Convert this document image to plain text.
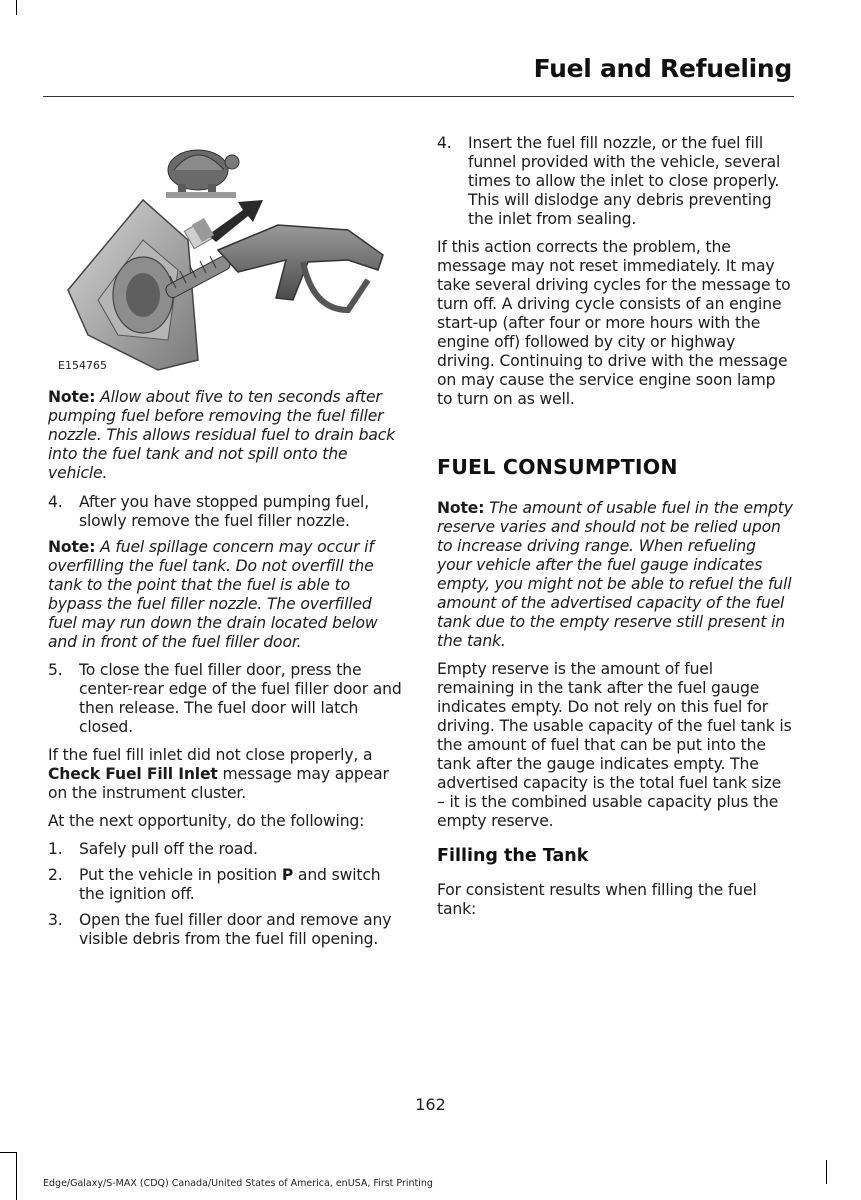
Fuel and Refueling
E154765

Note: Allow about five to ten seconds after pumping fuel before removing the fuel filler nozzle. This allows residual fuel to drain back into the fuel tank and not spill onto the vehicle.

4. After you have stopped pumping fuel, slowly remove the fuel filler nozzle.

Note: A fuel spillage concern may occur if overfilling the fuel tank. Do not overfill the tank to the point that the fuel is able to bypass the fuel filler nozzle. The overfilled fuel may run down the drain located below and in front of the fuel filler door.

5. To close the fuel filler door, press the center-rear edge of the fuel filler door and then release. The fuel door will latch closed.

If the fuel fill inlet did not close properly, a Check Fuel Fill Inlet message may appear on the instrument cluster.

At the next opportunity, do the following:

1. Safely pull off the road.
2. Put the vehicle in position P and switch the ignition off.
3. Open the fuel filler door and remove any visible debris from the fuel fill opening.
4. Insert the fuel fill nozzle, or the fuel fill funnel provided with the vehicle, several times to allow the inlet to close properly. This will dislodge any debris preventing the inlet from sealing.

If this action corrects the problem, the message may not reset immediately. It may take several driving cycles for the message to turn off. A driving cycle consists of an engine start-up (after four or more hours with the engine off) followed by city or highway driving. Continuing to drive with the message on may cause the service engine soon lamp to turn on as well.

FUEL CONSUMPTION

Note: The amount of usable fuel in the empty reserve varies and should not be relied upon to increase driving range. When refueling your vehicle after the fuel gauge indicates empty, you might not be able to refuel the full amount of the advertised capacity of the fuel tank due to the empty reserve still present in the tank.

Empty reserve is the amount of fuel remaining in the tank after the fuel gauge indicates empty. Do not rely on this fuel for driving. The usable capacity of the fuel tank is the amount of fuel that can be put into the tank after the gauge indicates empty. The advertised capacity is the total fuel tank size – it is the combined usable capacity plus the empty reserve.

Filling the Tank

For consistent results when filling the fuel tank:

162
Edge/Galaxy/S-MAX (CDQ) Canada/United States of America, enUSA, First Printing
